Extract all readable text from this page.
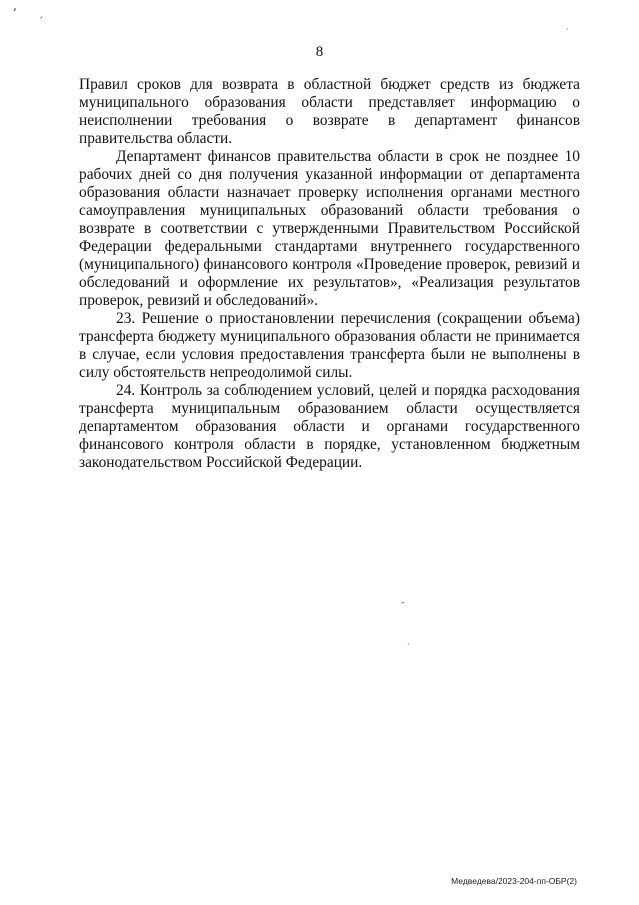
ʻ ˏ
·
8

Правил сроков для возврата в областной бюджет средств из бюджета муниципального образования области представляет информацию о неисполнении требования о возврате в департамент финансов правительства области.

Департамент финансов правительства области в срок не позднее 10 рабочих дней со дня получения указанной информации от департамента образования области назначает проверку исполнения органами местного самоуправления муниципальных образований области требования о возврате в соответствии с утвержденными Правительством Российской Федерации федеральными стандартами внутреннего государственного (муниципального) финансового контроля «Проведение проверок, ревизий и обследований и оформление их результатов», «Реализация результатов проверок, ревизий и обследований».

23. Решение о приостановлении перечисления (сокращении объема) трансферта бюджету муниципального образования области не принимается в случае, если условия предоставления трансферта были не выполнены в силу обстоятельств непреодолимой силы.

24. Контроль за соблюдением условий, целей и порядка расходования трансферта муниципальным образованием области осуществляется департаментом образования области и органами государственного финансового контроля области в порядке, установленном бюджетным законодательством Российской Федерации.

ˊ
·
Медведева/2023-204-пп-ОБР(2)
